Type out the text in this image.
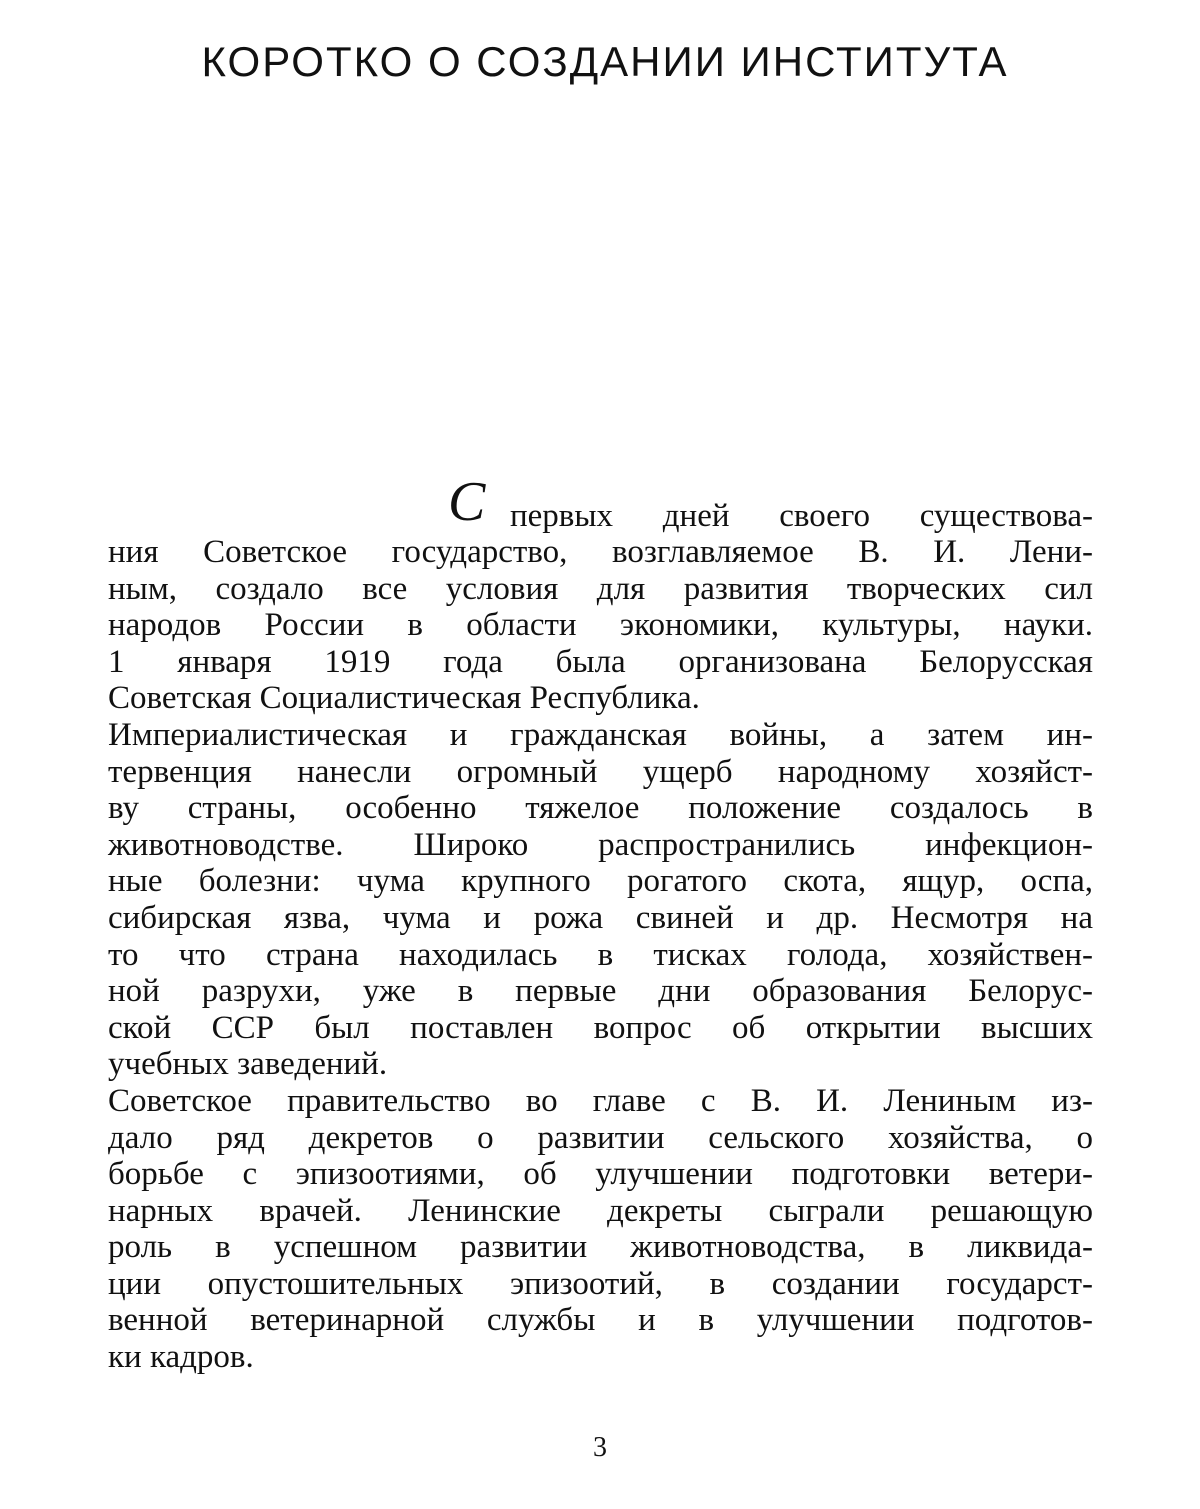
КОРОТКО О СОЗДАНИИ ИНСТИТУТА
С первых дней своего существова-
ния Советское государство, возглавляемое В. И. Лени-
ным, создало все условия для развития творческих сил
народов России в области экономики, культуры, науки.
1 января 1919 года была организована Белорусская
Советская Социалистическая Республика.
Империалистическая и гражданская войны, а затем ин-
тервенция нанесли огромный ущерб народному хозяйст-
ву страны, особенно тяжелое положение создалось в
животноводстве. Широко распространились инфекцион-
ные болезни: чума крупного рогатого скота, ящур, оспа,
сибирская язва, чума и рожа свиней и др. Несмотря на
то что страна находилась в тисках голода, хозяйствен-
ной разрухи, уже в первые дни образования Белорус-
ской ССР был поставлен вопрос об открытии высших
учебных заведений.
Советское правительство во главе с В. И. Лениным из-
дало ряд декретов о развитии сельского хозяйства, о
борьбе с эпизоотиями, об улучшении подготовки ветери-
нарных врачей. Ленинские декреты сыграли решающую
роль в успешном развитии животноводства, в ликвида-
ции опустошительных эпизоотий, в создании государст-
венной ветеринарной службы и в улучшении подготов-
ки кадров.
3
